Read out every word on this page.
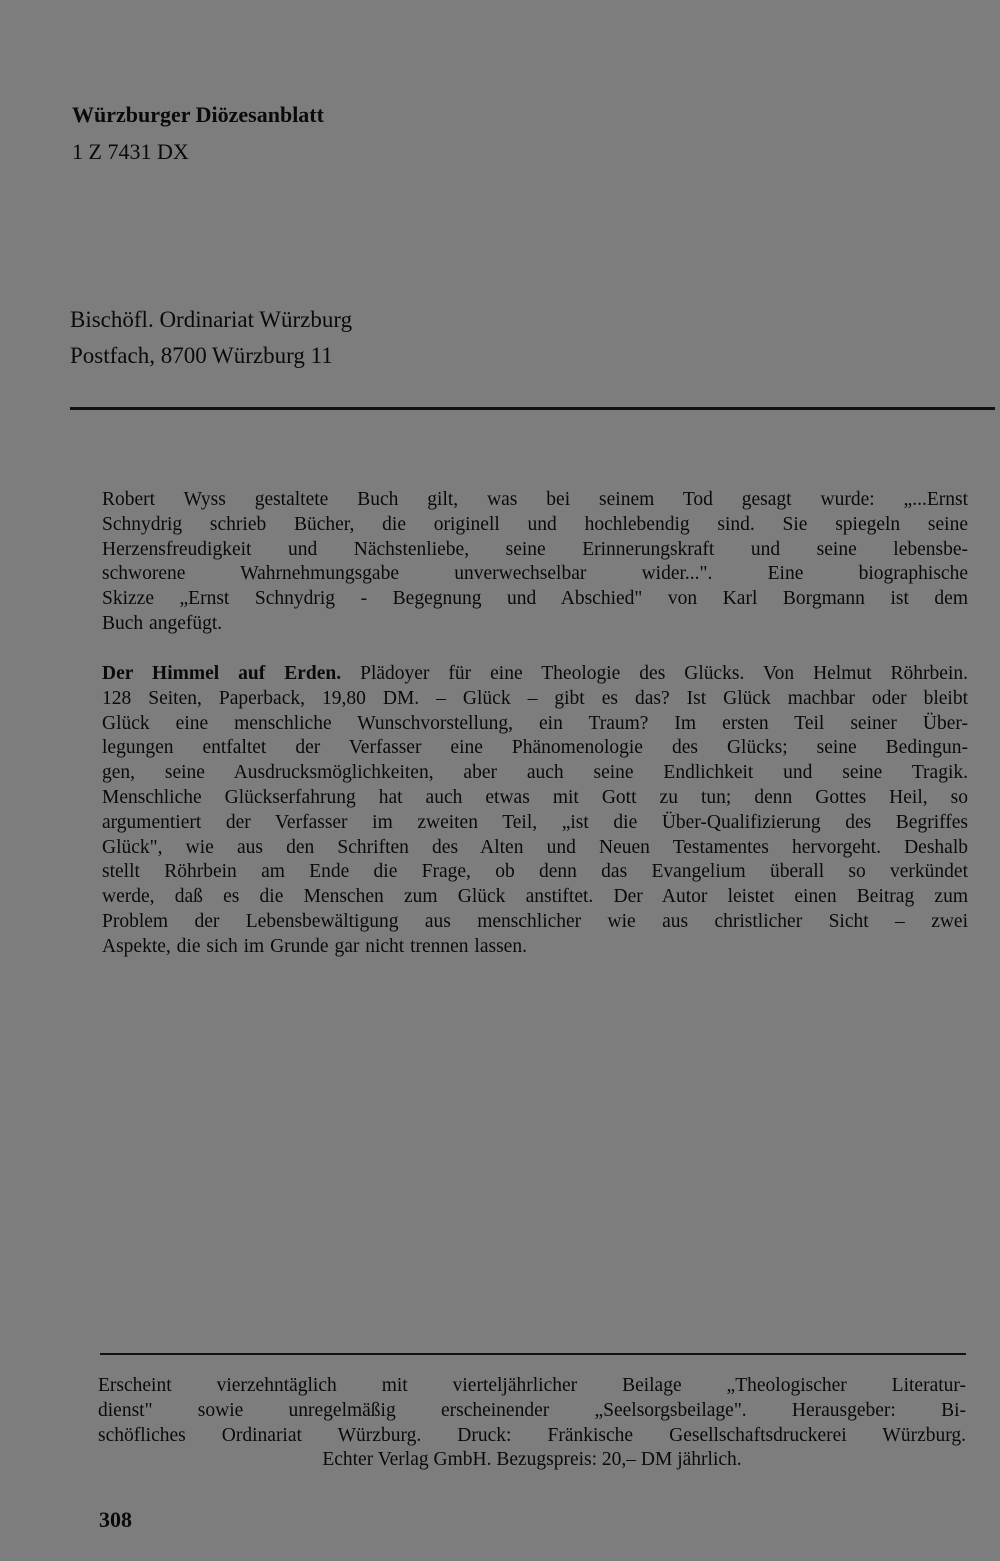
Würzburger Diözesanblatt
1 Z 7431 DX
Bischöfl. Ordinariat Würzburg
Postfach, 8700 Würzburg 11

Robert Wyss gestaltete Buch gilt, was bei seinem Tod gesagt wurde: „...Ernst

Schnydrig schrieb Bücher, die originell und hochlebendig sind. Sie spiegeln seine

Herzensfreudigkeit und Nächstenliebe, seine Erinnerungskraft und seine lebensbe-

schworene Wahrnehmungsgabe unverwechselbar wider...". Eine biographische

Skizze „Ernst Schnydrig - Begegnung und Abschied" von Karl Borgmann ist dem

Buch angefügt.

Der Himmel auf Erden. Plädoyer für eine Theologie des Glücks. Von Helmut Röhrbein.

128 Seiten, Paperback, 19,80 DM. – Glück – gibt es das? Ist Glück machbar oder bleibt

Glück eine menschliche Wunschvorstellung, ein Traum? Im ersten Teil seiner Über-

legungen entfaltet der Verfasser eine Phänomenologie des Glücks; seine Bedingun-

gen, seine Ausdrucksmöglichkeiten, aber auch seine Endlichkeit und seine Tragik.

Menschliche Glückserfahrung hat auch etwas mit Gott zu tun; denn Gottes Heil, so

argumentiert der Verfasser im zweiten Teil, „ist die Über-Qualifizierung des Begriffes

Glück", wie aus den Schriften des Alten und Neuen Testamentes hervorgeht. Deshalb

stellt Röhrbein am Ende die Frage, ob denn das Evangelium überall so verkündet

werde, daß es die Menschen zum Glück anstiftet. Der Autor leistet einen Beitrag zum

Problem der Lebensbewältigung aus menschlicher wie aus christlicher Sicht – zwei

Aspekte, die sich im Grunde gar nicht trennen lassen.

Erscheint vierzehntäglich mit vierteljährlicher Beilage „Theologischer Literatur-

dienst" sowie unregelmäßig erscheinender „Seelsorgsbeilage". Herausgeber: Bi-

schöfliches Ordinariat Würzburg. Druck: Fränkische Gesellschaftsdruckerei Würzburg.

Echter Verlag GmbH. Bezugspreis: 20,– DM jährlich.

308
